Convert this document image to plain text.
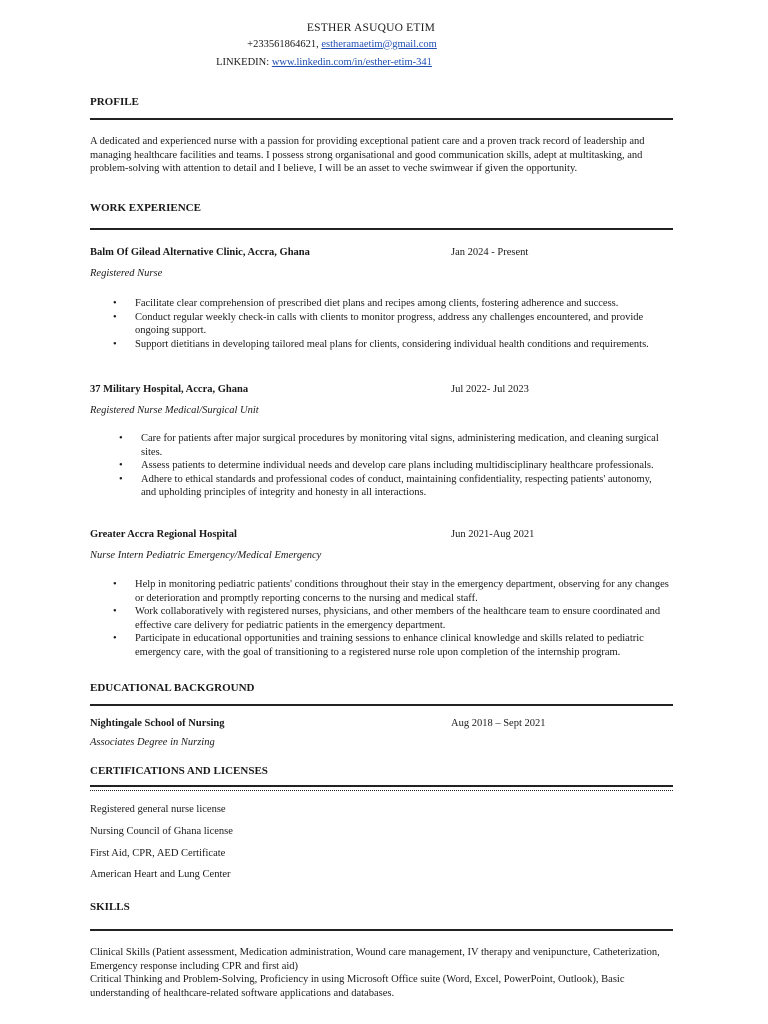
ESTHER ASUQUO ETIM
+233561864621, estheramaetim@gmail.com
LINKEDIN: www.linkedin.com/in/esther-etim-341
PROFILE
A dedicated and experienced nurse with a passion for providing exceptional patient care and a proven track record of leadership and managing healthcare facilities and teams. I possess strong organisational and good communication skills, adept at multitasking, and problem-solving with attention to detail and I believe, I will be an asset to veche swimwear if given the opportunity.
WORK EXPERIENCE
Balm Of Gilead Alternative Clinic, Accra, Ghana	Jan 2024 - Present
Registered Nurse
• Facilitate clear comprehension of prescribed diet plans and recipes among clients, fostering adherence and success.
• Conduct regular weekly check-in calls with clients to monitor progress, address any challenges encountered, and provide ongoing support.
• Support dietitians in developing tailored meal plans for clients, considering individual health conditions and requirements.
37 Military Hospital, Accra, Ghana	Jul 2022- Jul 2023
Registered Nurse Medical/Surgical Unit
• Care for patients after major surgical procedures by monitoring vital signs, administering medication, and cleaning surgical sites.
• Assess patients to determine individual needs and develop care plans including multidisciplinary healthcare professionals.
• Adhere to ethical standards and professional codes of conduct, maintaining confidentiality, respecting patients' autonomy, and upholding principles of integrity and honesty in all interactions.
Greater Accra Regional Hospital	Jun 2021-Aug 2021
Nurse Intern Pediatric Emergency/Medical Emergency
• Help in monitoring pediatric patients' conditions throughout their stay in the emergency department, observing for any changes or deterioration and promptly reporting concerns to the nursing and medical staff.
• Work collaboratively with registered nurses, physicians, and other members of the healthcare team to ensure coordinated and effective care delivery for pediatric patients in the emergency department.
• Participate in educational opportunities and training sessions to enhance clinical knowledge and skills related to pediatric emergency care, with the goal of transitioning to a registered nurse role upon completion of the internship program.
EDUCATIONAL BACKGROUND
Nightingale School of Nursing	Aug 2018 – Sept 2021
Associates Degree in Nurzing
CERTIFICATIONS AND LICENSES
Registered general nurse license
Nursing Council of Ghana license
First Aid, CPR, AED Certificate
American Heart and Lung Center
SKILLS
Clinical Skills (Patient assessment, Medication administration, Wound care management, IV therapy and venipuncture, Catheterization, Emergency response including CPR and first aid)
Critical Thinking and Problem-Solving, Proficiency in using Microsoft Office suite (Word, Excel, PowerPoint, Outlook), Basic understanding of healthcare-related software applications and databases.
